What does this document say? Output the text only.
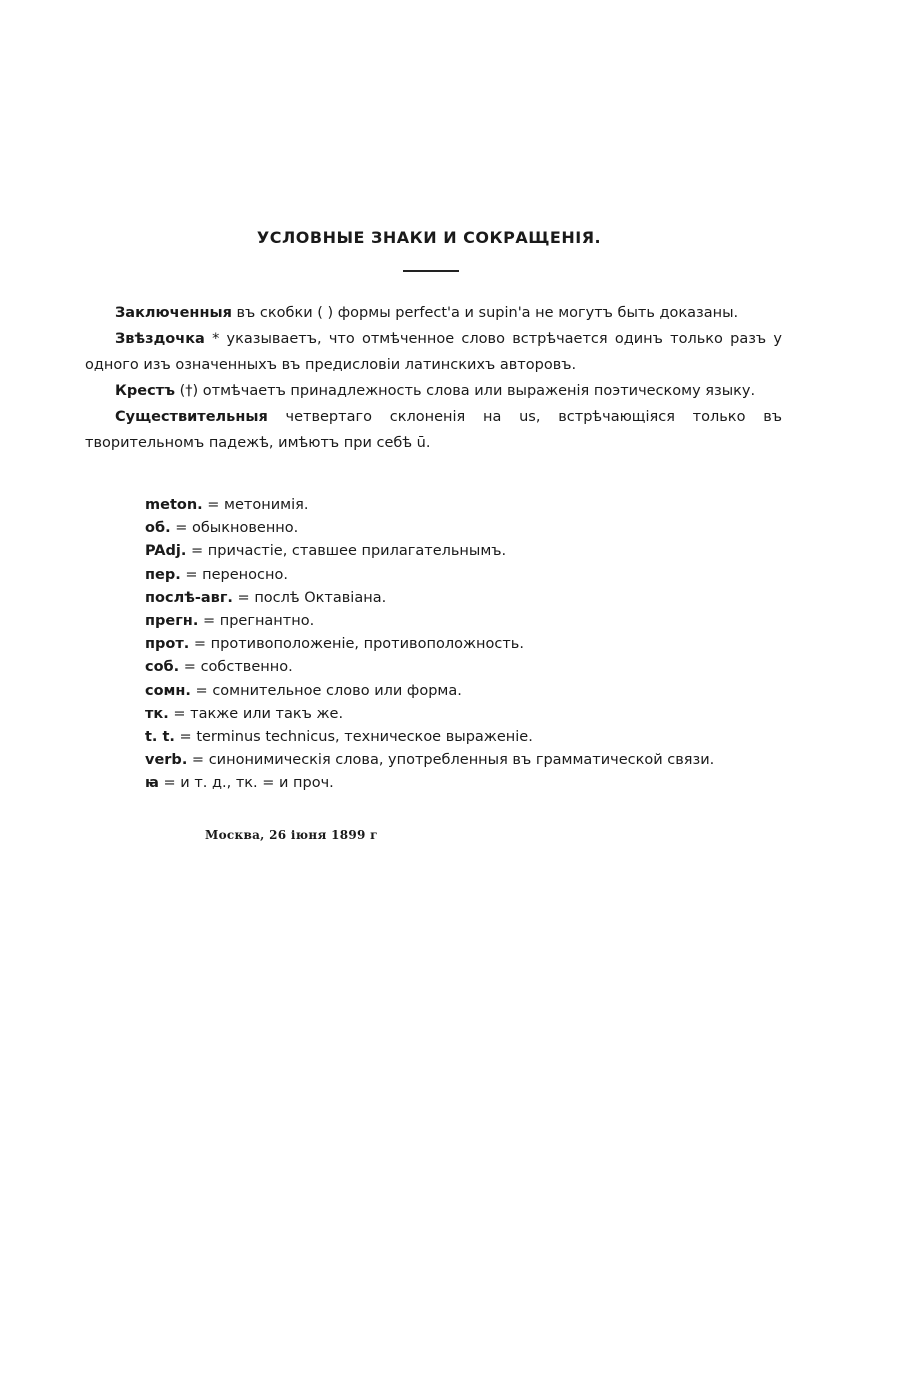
УСЛОВНЫЕ ЗНАКИ И СОКРАЩЕНІЯ.

Заключенныя въ скобки ( ) формы perfect'a и supin'a не могутъ быть доказаны.

Звѣздочка * указываетъ, что отмѣченное слово встрѣчается одинъ только разъ у одного изъ означенныхъ въ предисловіи латинскихъ авторовъ.

Крестъ (†) отмѣчаетъ принадлежность слова или выраженія поэтическому языку.

Существительныя четвертаго склоненія на us, встрѣчающіяся только въ творительномъ падежѣ, имѣютъ при себѣ ū.

meton. = метонимія.
об. = обыкновенно.
PAdj. = причастіе, ставшее прилагательнымъ.
пер. = переносно.
послѣ-авг. = послѣ Октавіана.
прегн. = прегнантно.
прот. = противоположеніе, противоположность.
соб. = собственно.
сомн. = сомнительное слово или форма.
тк. = также или такъ же.
t. t. = terminus technicus, техническое выраженіе.
verb. = синонимическія слова, употребленныя въ грамматической связи.
ꙗ = и т. д., тк. = и проч.
Москва, 26 іюня 1899 г
